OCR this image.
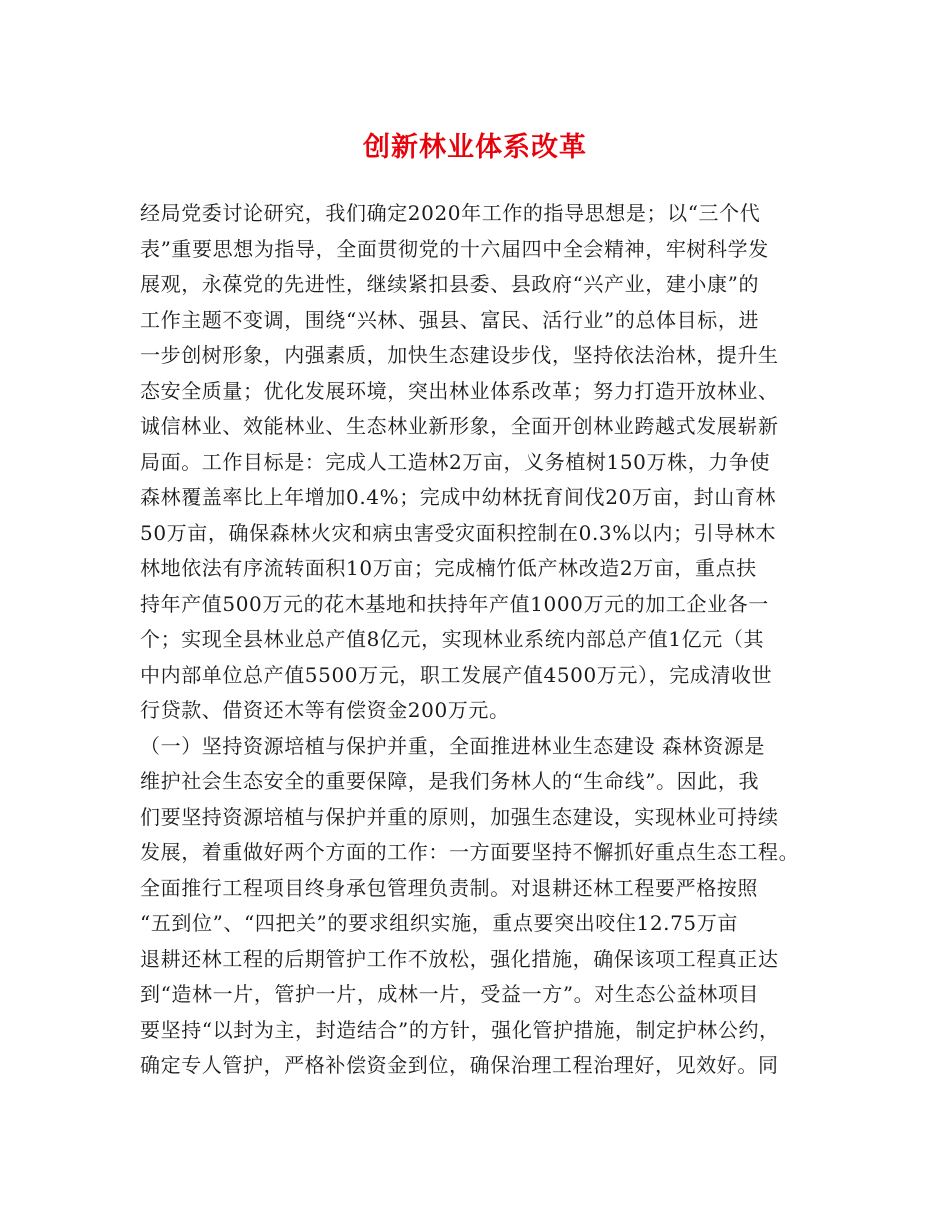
创新林业体系改革
经局党委讨论研究，我们确定2020年工作的指导思想是；以“三个代
表”重要思想为指导，全面贯彻党的十六届四中全会精神，牢树科学发
展观，永葆党的先进性，继续紧扣县委、县政府“兴产业，建小康”的
工作主题不变调，围绕“兴林、强县、富民、活行业”的总体目标，进
一步创树形象，内强素质，加快生态建设步伐，坚持依法治林，提升生
态安全质量；优化发展环境，突出林业体系改革；努力打造开放林业、
诚信林业、效能林业、生态林业新形象，全面开创林业跨越式发展崭新
局面。工作目标是：完成人工造林2万亩，义务植树150万株，力争使
森林覆盖率比上年增加0.4%；完成中幼林抚育间伐20万亩，封山育林
50万亩，确保森林火灾和病虫害受灾面积控制在0.3%以内；引导林木
林地依法有序流转面积10万亩；完成楠竹低产林改造2万亩，重点扶
持年产值500万元的花木基地和扶持年产值1000万元的加工企业各一
个；实现全县林业总产值8亿元，实现林业系统内部总产值1亿元（其
中内部单位总产值5500万元，职工发展产值4500万元），完成清收世
行贷款、借资还木等有偿资金200万元。
（一）坚持资源培植与保护并重，全面推进林业生态建设 森林资源是
维护社会生态安全的重要保障，是我们务林人的“生命线”。因此，我
们要坚持资源培植与保护并重的原则，加强生态建设，实现林业可持续
发展，着重做好两个方面的工作：一方面要坚持不懈抓好重点生态工程。
全面推行工程项目终身承包管理负责制。对退耕还林工程要严格按照
“五到位”、“四把关”的要求组织实施，重点要突出咬住12.75万亩
退耕还林工程的后期管护工作不放松，强化措施，确保该项工程真正达
到“造林一片，管护一片，成林一片，受益一方”。对生态公益林项目
要坚持“以封为主，封造结合”的方针，强化管护措施，制定护林公约，
确定专人管护，严格补偿资金到位，确保治理工程治理好，见效好。同
